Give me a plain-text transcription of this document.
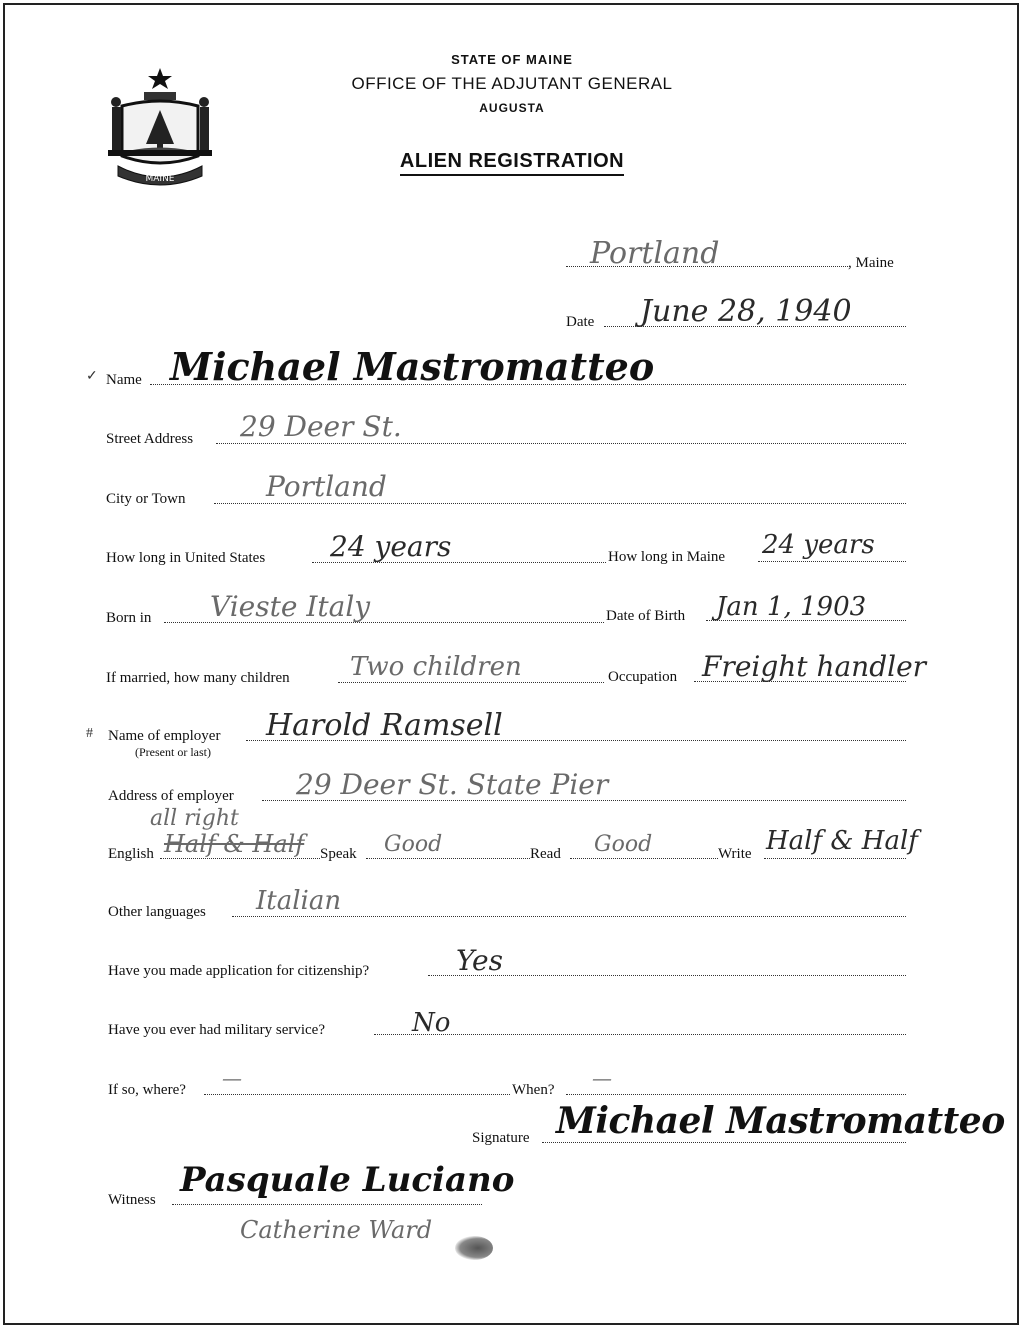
STATE OF MAINE
OFFICE OF THE ADJUTANT GENERAL
AUGUSTA
ALIEN REGISTRATION
MAINE
Portland	, Maine
Date June 28, 1940
✓ Name Michael Mastromatteo
Street Address 29 Deer St.
City or Town	Portland
How long in United States 24 years	How long in Maine 24 years
Born in Vieste Italy	Date of Birth Jan 1, 1903
If married, how many children Two children	Occupation Freight handler
# Name of employer
(Present or last)
Harold Ramsell
Address of employer 29 Deer St. State Pier
all right
English Half & Half Speak Good	Read Good	Write Half & Half
Other languages Italian
Have you made application for citizenship?	Yes
Have you ever had military service?	No
If so, where? —	When? —
Signature Michael Mastromatteo
Witness Pasquale Luciano
Catherine Ward
